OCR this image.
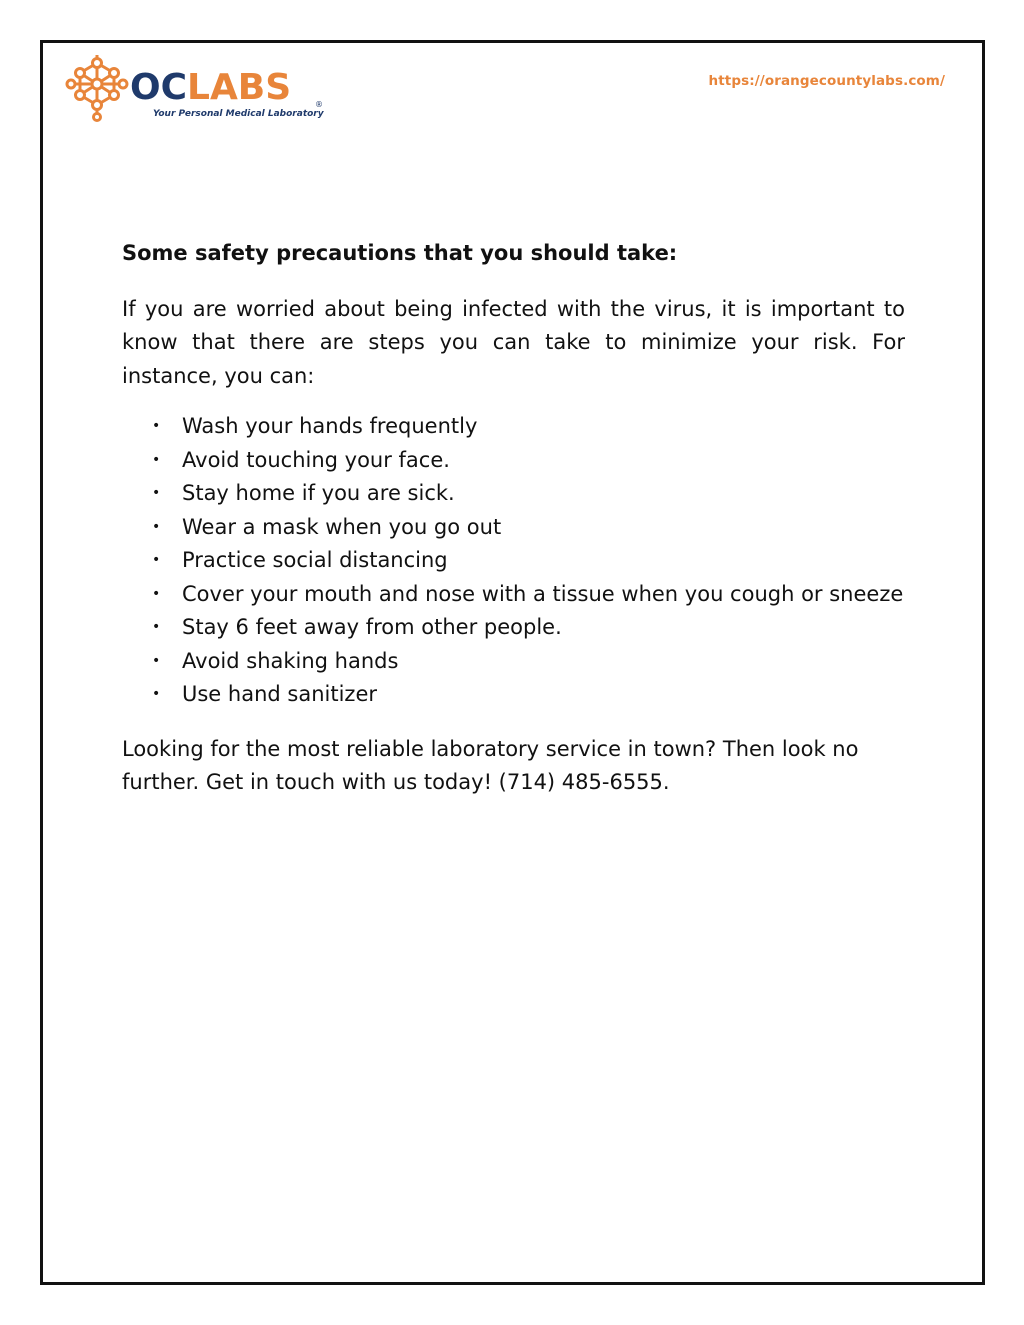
OC LABS	®
Your Personal Medical Laboratory
https://orangecountylabs.com/
Some safety precautions that you should take:

If you are worried about being infected with the virus, it is important to know that there are steps you can take to minimize your risk. For instance, you can:

• Wash your hands frequently
• Avoid touching your face.
• Stay home if you are sick.
• Wear a mask when you go out
• Practice social distancing
• Cover your mouth and nose with a tissue when you cough or sneeze
• Stay 6 feet away from other people.
• Avoid shaking hands
• Use hand sanitizer

Looking for the most reliable laboratory service in town? Then look no further. Get in touch with us today! (714) 485-6555.
